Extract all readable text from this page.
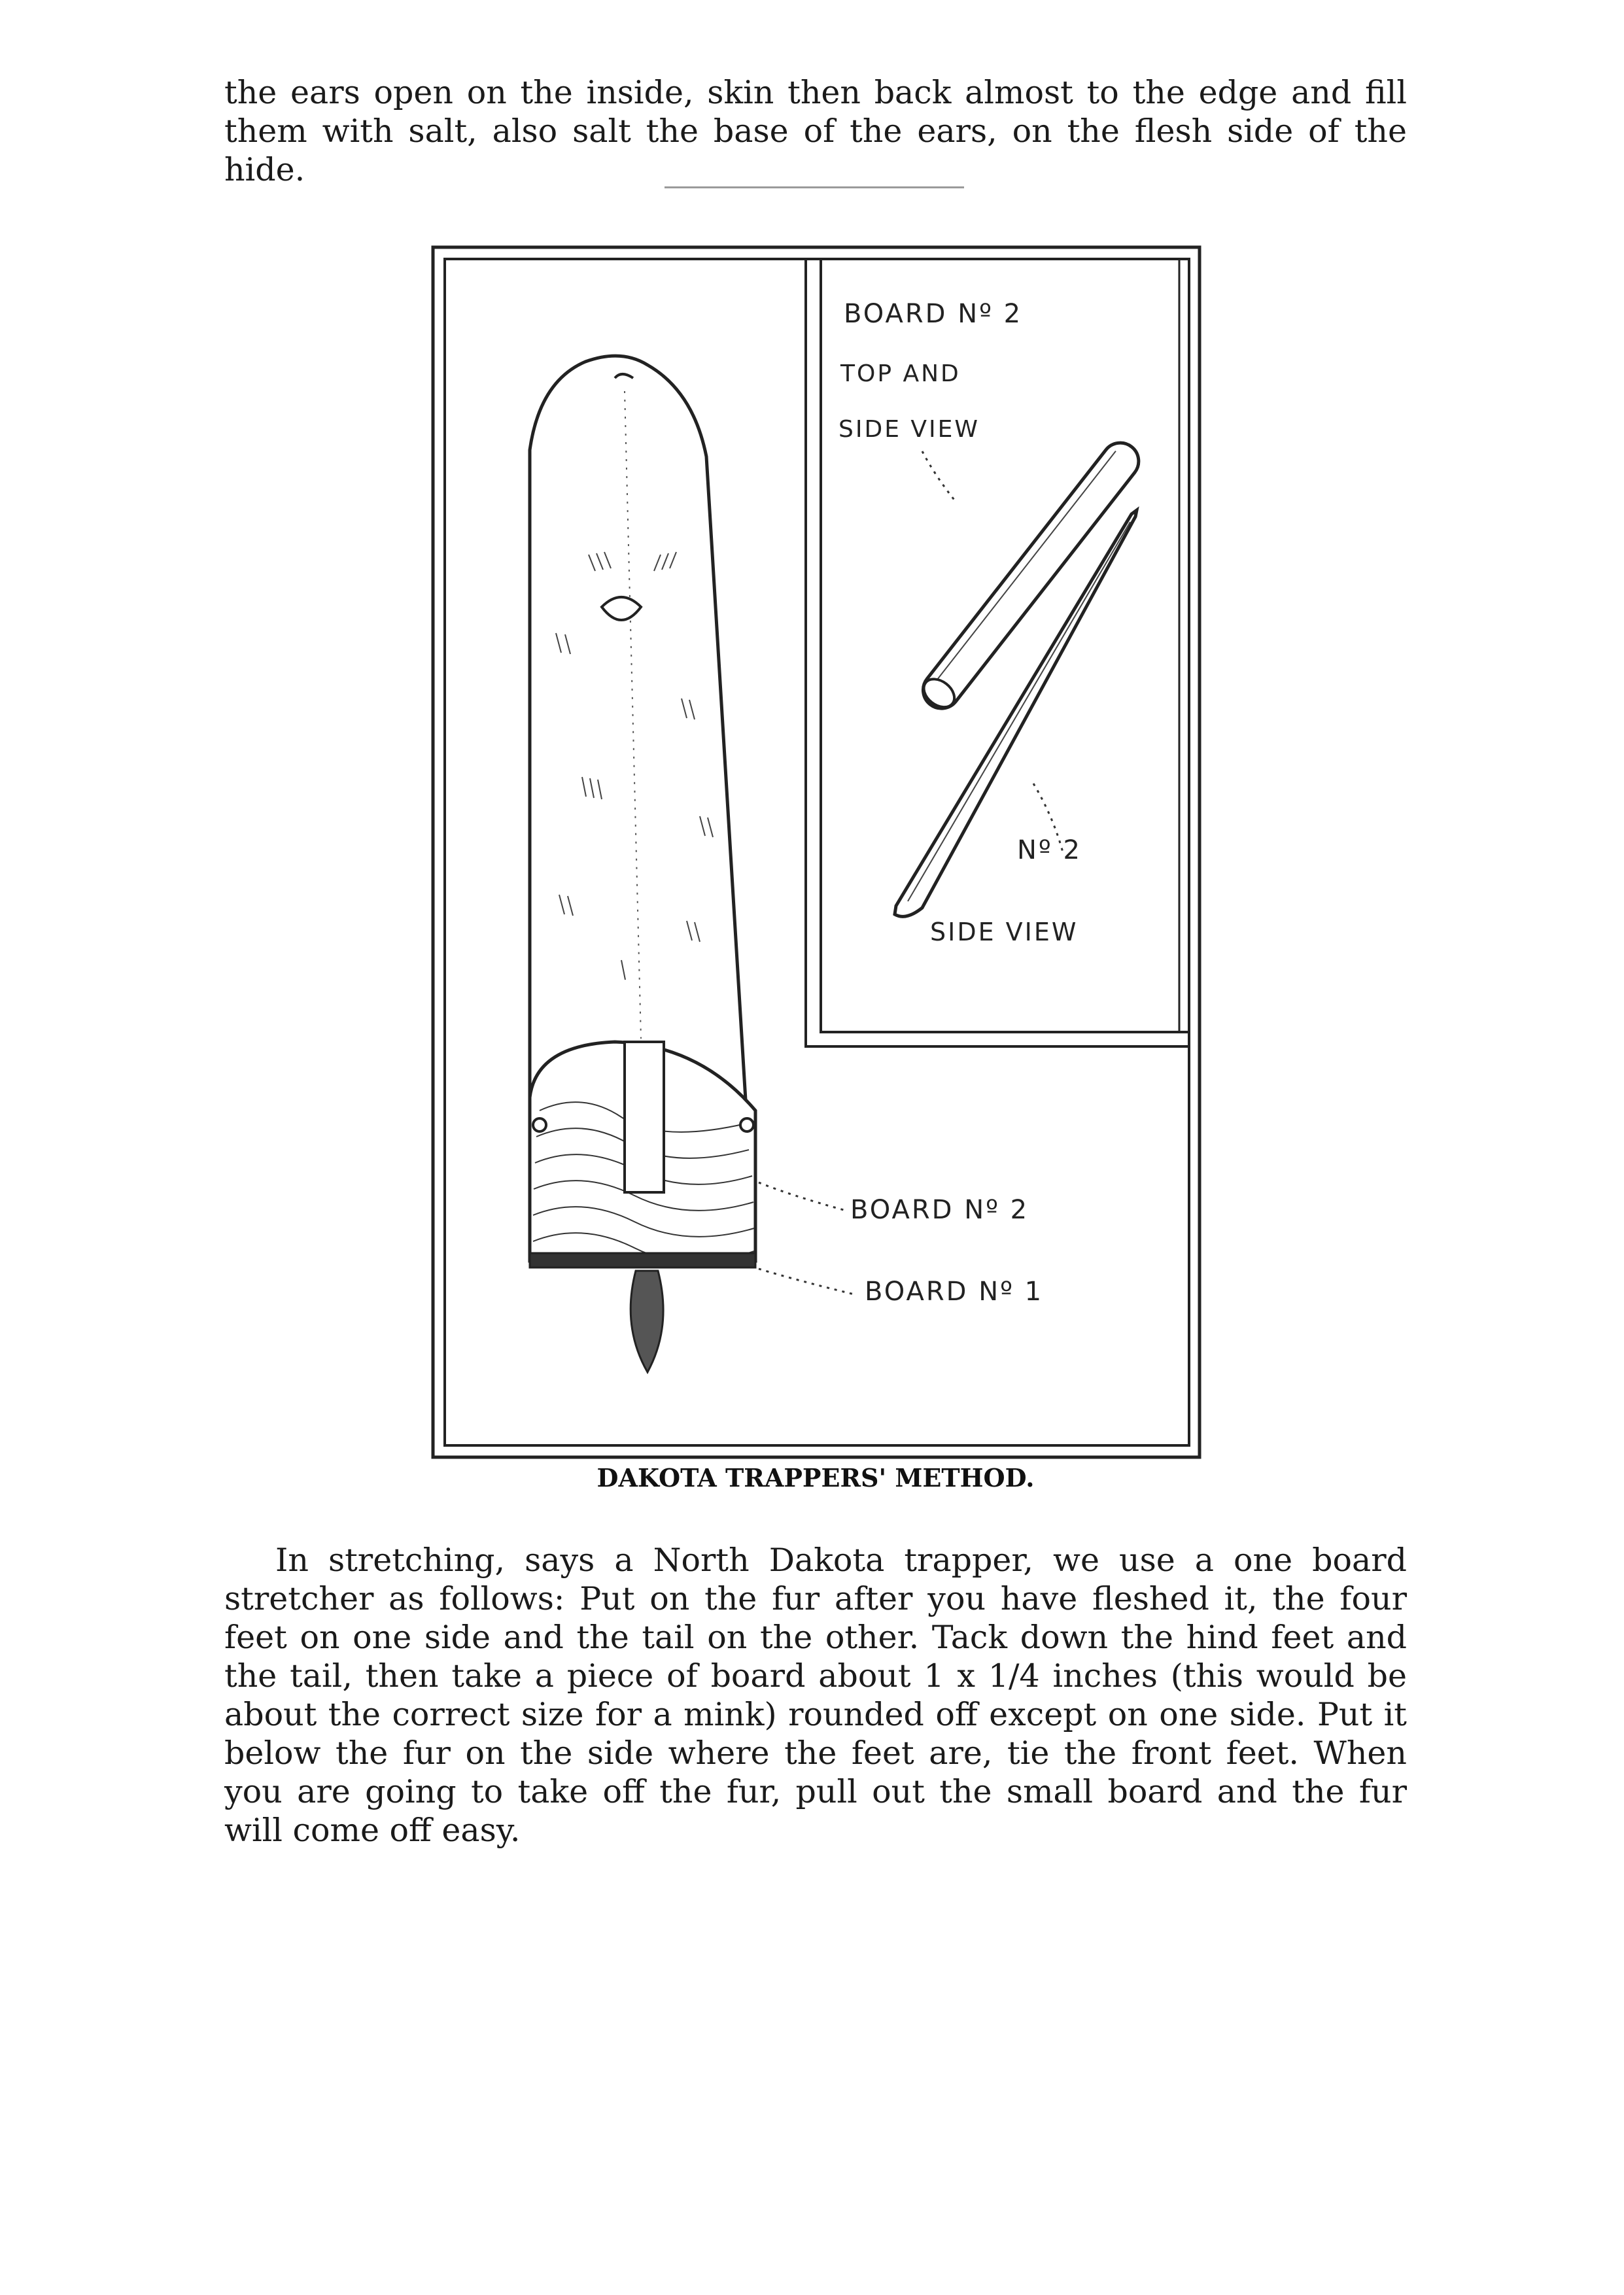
the ears open on the inside, skin then back almost to the edge and fill them with salt, also salt the base of the ears, on the flesh side of the hide.

BOARD Nº 2
TOP AND
SIDE VIEW
Nº 2
SIDE VIEW
BOARD Nº 2
BOARD Nº 1
DAKOTA TRAPPERS' METHOD.

In stretching, says a North Dakota trapper, we use a one board stretcher as follows: Put on the fur after you have fleshed it, the four feet on one side and the tail on the other. Tack down the hind feet and the tail, then take a piece of board about 1 x 1/4 inches (this would be about the correct size for a mink) rounded off except on one side. Put it below the fur on the side where the feet are, tie the front feet. When you are going to take off the fur, pull out the small board and the fur will come off easy.
